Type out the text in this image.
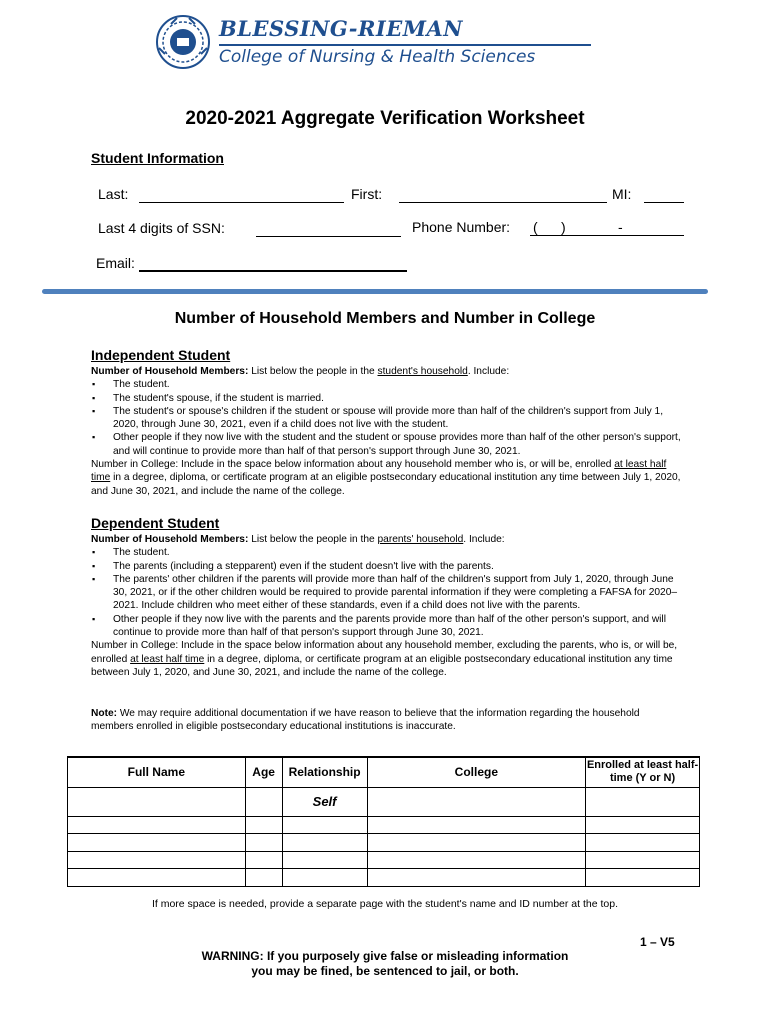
BLESSING-RIEMAN
College of Nursing & Health Sciences
2020-2021 Aggregate Verification Worksheet
Student Information
Last:	First:	MI:
Last 4 digits of SSN:	Phone Number: (      )	-
Email:
Number of Household Members and Number in College
Independent Student

Number of Household Members: List below the people in the student's household. Include:

▪ The student.
▪ The student's spouse, if the student is married.
▪ The student's or spouse's children if the student or spouse will provide more than half of the children's support from July 1, 2020, through June 30, 2021, even if a child does not live with the student.
▪ Other people if they now live with the student and the student or spouse provides more than half of the other person's support, and will continue to provide more than half of that person's support through June 30, 2021.

Number in College: Include in the space below information about any household member who is, or will be, enrolled at least half time in a degree, diploma, or certificate program at an eligible postsecondary educational institution any time between July 1, 2020, and June 30, 2021, and include the name of the college.

Dependent Student

Number of Household Members: List below the people in the parents' household. Include:

▪ The student.
▪ The parents (including a stepparent) even if the student doesn't live with the parents.
▪ The parents' other children if the parents will provide more than half of the children's support from July 1, 2020, through June 30, 2021, or if the other children would be required to provide parental information if they were completing a FAFSA for 2020–2021. Include children who meet either of these standards, even if a child does not live with the parents.
▪ Other people if they now live with the parents and the parents provide more than half of the other person's support, and will continue to provide more than half of that person's support through June 30, 2021.

Number in College: Include in the space below information about any household member, excluding the parents, who is, or will be, enrolled at least half time in a degree, diploma, or certificate program at an eligible postsecondary educational institution any time between July 1, 2020, and June 30, 2021, and include the name of the college.

Note: We may require additional documentation if we have reason to believe that the information regarding the household members enrolled in eligible postsecondary educational institutions is inaccurate.

Full Name	Age	Relationship	College	Enrolled at least half-time (Y or N)
		Self		

If more space is needed, provide a separate page with the student's name and ID number at the top.
1 – V5
WARNING: If you purposely give false or misleading information
you may be fined, be sentenced to jail, or both.
